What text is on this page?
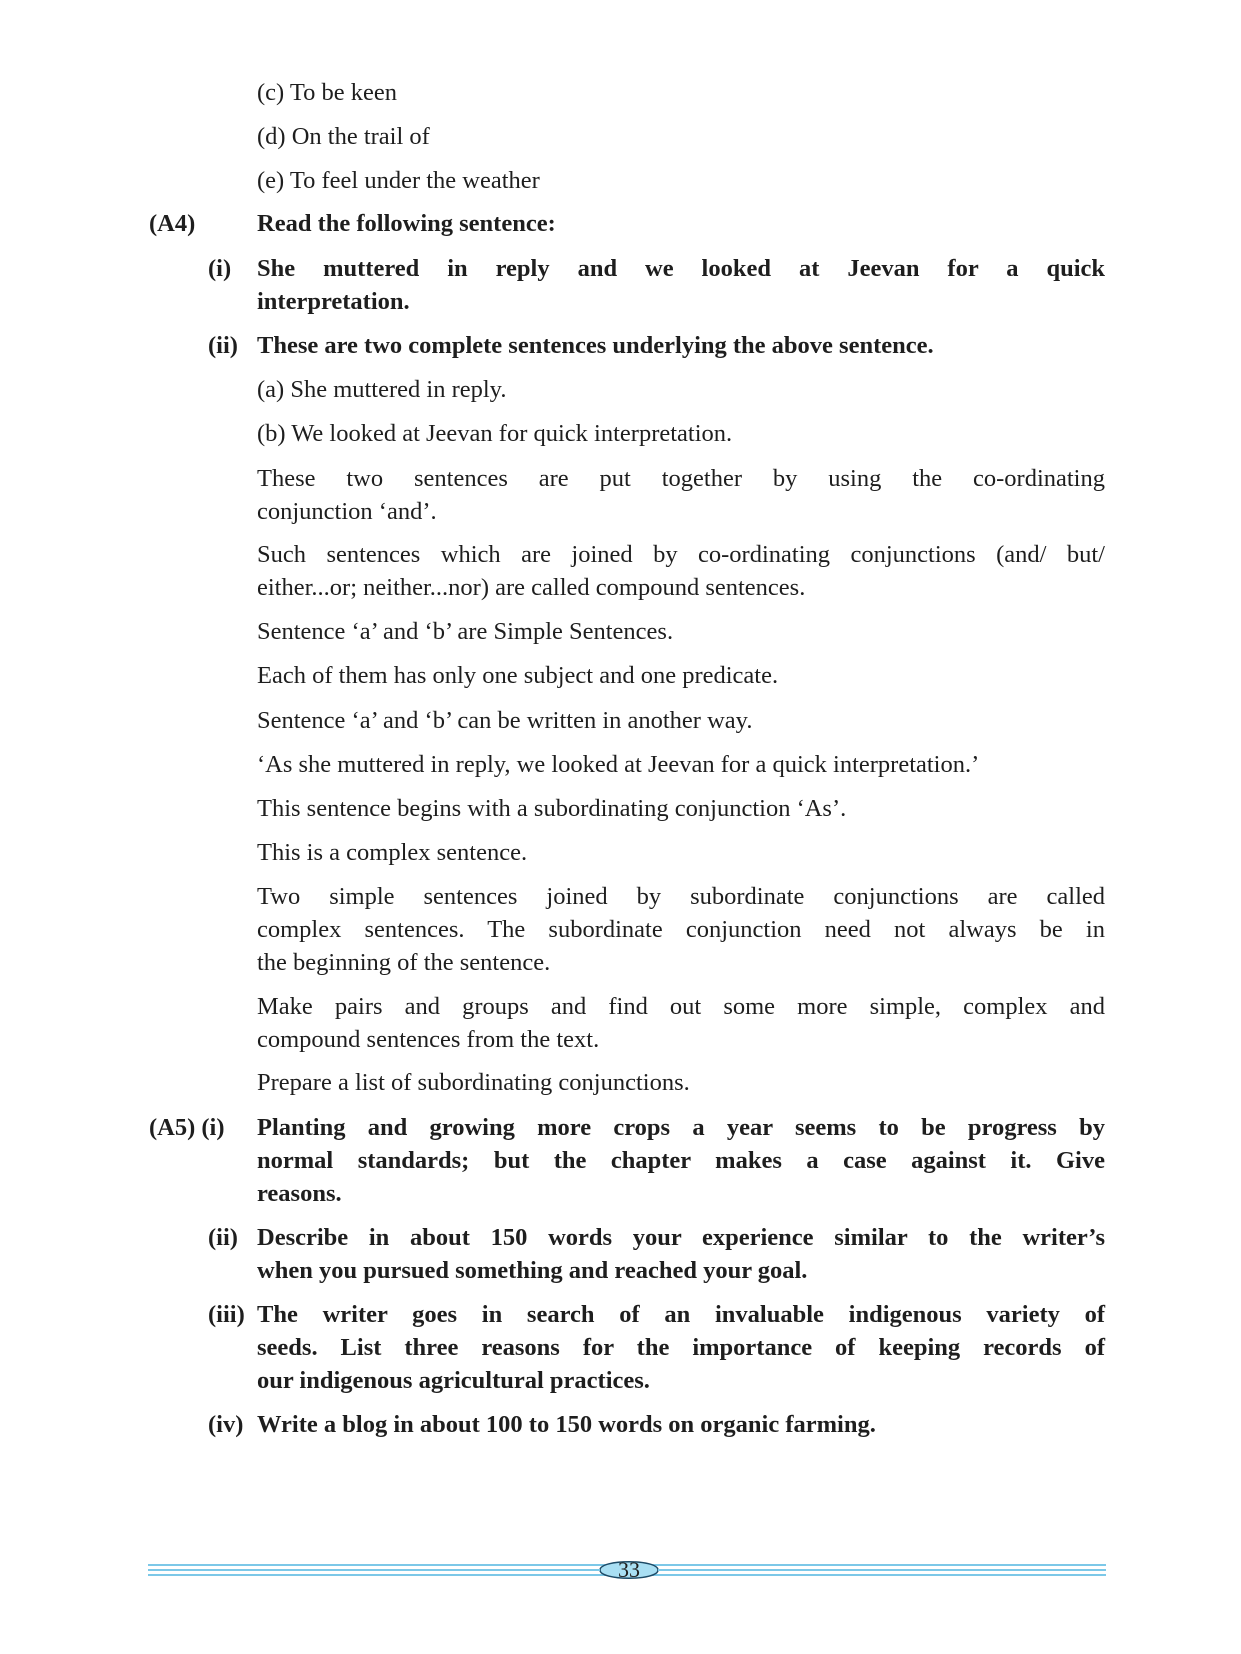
(c) To be keen
(d) On the trail of
(e) To feel under the weather
(A4)	Read the following sentence:
(i) She muttered in reply and we looked at Jeevan for a quick
interpretation.
(ii) These are two complete sentences underlying the above sentence.
(a) She muttered in reply.
(b) We looked at Jeevan for quick interpretation.
These two sentences are put together by using the co-ordinating
conjunction ‘and’.
Such sentences which are joined by co-ordinating conjunctions (and/ but/
either...or; neither...nor) are called compound sentences.
Sentence ‘a’ and ‘b’ are Simple Sentences.
Each of them has only one subject and one predicate.
Sentence ‘a’ and ‘b’ can be written in another way.
‘As she muttered in reply, we looked at Jeevan for a quick interpretation.’
This sentence begins with a subordinating conjunction ‘As’.
This is a complex sentence.
Two simple sentences joined by subordinate conjunctions are called
complex sentences. The subordinate conjunction need not always be in
the beginning of the sentence.
Make pairs and groups and find out some more simple, complex and
compound sentences from the text.
Prepare a list of subordinating conjunctions.
(A5) (i) Planting and growing more crops a year seems to be progress by
normal standards; but the chapter makes a case against it. Give
reasons.
(ii) Describe in about 150 words your experience similar to the writer’s
when you pursued something and reached your goal.
(iii) The writer goes in search of an invaluable indigenous variety of
seeds. List three reasons for the importance of keeping records of
our indigenous agricultural practices.
(iv) Write a blog in about 100 to 150 words on organic farming.
33
